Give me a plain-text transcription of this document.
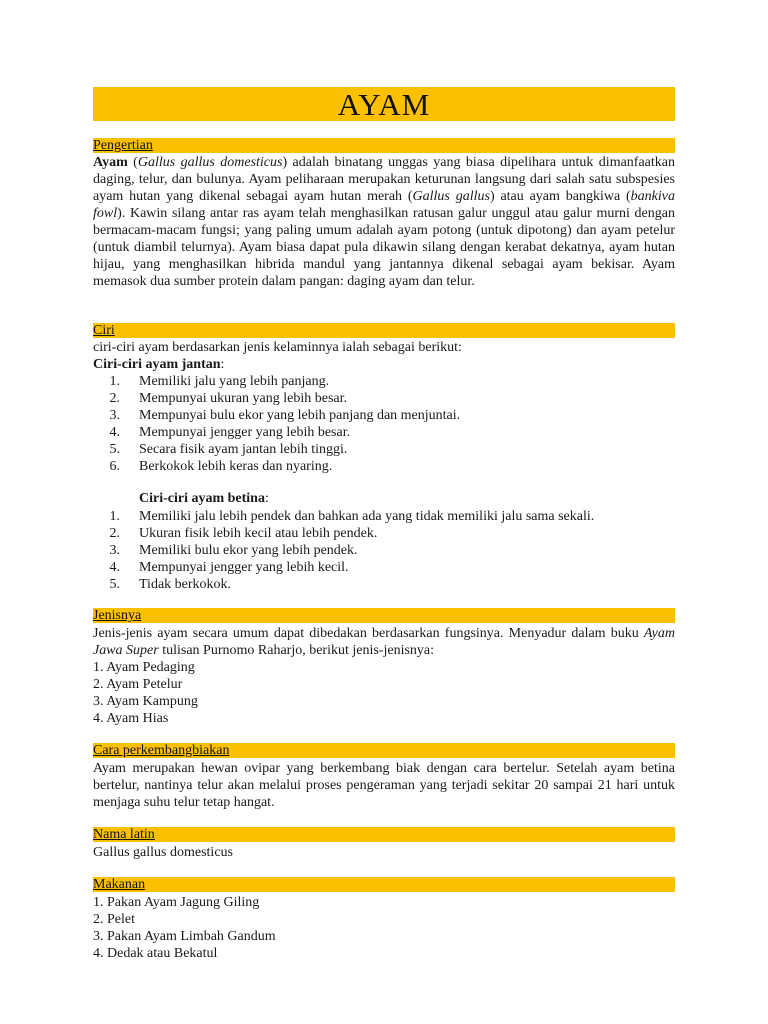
AYAM
Pengertian
Ayam (Gallus gallus domesticus) adalah binatang unggas yang biasa dipelihara untuk dimanfaatkan daging, telur, dan bulunya. Ayam peliharaan merupakan keturunan langsung dari salah satu subspesies ayam hutan yang dikenal sebagai ayam hutan merah (Gallus gallus) atau ayam bangkiwa (bankiva fowl). Kawin silang antar ras ayam telah menghasilkan ratusan galur unggul atau galur murni dengan bermacam-macam fungsi; yang paling umum adalah ayam potong (untuk dipotong) dan ayam petelur (untuk diambil telurnya). Ayam biasa dapat pula dikawin silang dengan kerabat dekatnya, ayam hutan hijau, yang menghasilkan hibrida mandul yang jantannya dikenal sebagai ayam bekisar. Ayam memasok dua sumber protein dalam pangan: daging ayam dan telur.
Ciri
ciri-ciri ayam berdasarkan jenis kelaminnya ialah sebagai berikut:
Ciri-ciri ayam jantan:
1. Memiliki jalu yang lebih panjang.
2. Mempunyai ukuran yang lebih besar.
3. Mempunyai bulu ekor yang lebih panjang dan menjuntai.
4. Mempunyai jengger yang lebih besar.
5. Secara fisik ayam jantan lebih tinggi.
6. Berkokok lebih keras dan nyaring.
Ciri-ciri ayam betina:
1. Memiliki jalu lebih pendek dan bahkan ada yang tidak memiliki jalu sama sekali.
2. Ukuran fisik lebih kecil atau lebih pendek.
3. Memiliki bulu ekor yang lebih pendek.
4. Mempunyai jengger yang lebih kecil.
5. Tidak berkokok.
Jenisnya
Jenis-jenis ayam secara umum dapat dibedakan berdasarkan fungsinya. Menyadur dalam buku Ayam Jawa Super tulisan Purnomo Raharjo, berikut jenis-jenisnya:
1. Ayam Pedaging
2. Ayam Petelur
3. Ayam Kampung
4. Ayam Hias
Cara perkembangbiakan
Ayam merupakan hewan ovipar yang berkembang biak dengan cara bertelur. Setelah ayam betina bertelur, nantinya telur akan melalui proses pengeraman yang terjadi sekitar 20 sampai 21 hari untuk menjaga suhu telur tetap hangat.
Nama latin
Gallus gallus domesticus
Makanan
1. Pakan Ayam Jagung Giling
2. Pelet
3. Pakan Ayam Limbah Gandum
4. Dedak atau Bekatul
